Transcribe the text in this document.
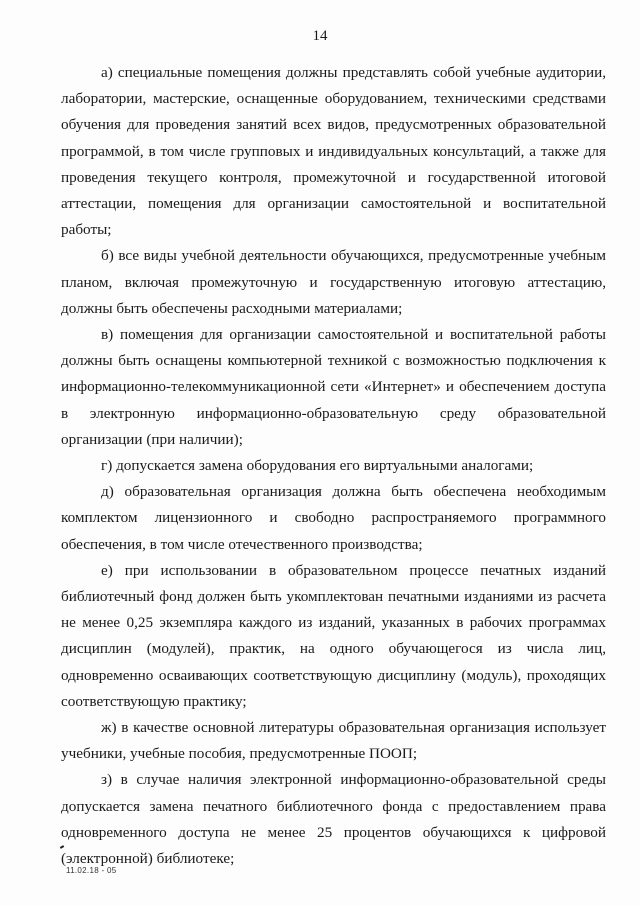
14

а) специальные помещения должны представлять собой учебные аудитории, лаборатории, мастерские, оснащенные оборудованием, техническими средствами обучения для проведения занятий всех видов, предусмотренных образовательной программой, в том числе групповых и индивидуальных консультаций, а также для проведения текущего контроля, промежуточной и государственной итоговой аттестации, помещения для организации самостоятельной и воспитательной работы;

б) все виды учебной деятельности обучающихся, предусмотренные учебным планом, включая промежуточную и государственную итоговую аттестацию, должны быть обеспечены расходными материалами;

в) помещения для организации самостоятельной и воспитательной работы должны быть оснащены компьютерной техникой с возможностью подключения к информационно-телекоммуникационной сети «Интернет» и обеспечением доступа в электронную информационно-образовательную среду образовательной организации (при наличии);

г) допускается замена оборудования его виртуальными аналогами;

д) образовательная организация должна быть обеспечена необходимым комплектом лицензионного и свободно распространяемого программного обеспечения, в том числе отечественного производства;

е) при использовании в образовательном процессе печатных изданий библиотечный фонд должен быть укомплектован печатными изданиями из расчета не менее 0,25 экземпляра каждого из изданий, указанных в рабочих программах дисциплин (модулей), практик, на одного обучающегося из числа лиц, одновременно осваивающих соответствующую дисциплину (модуль), проходящих соответствующую практику;

ж) в качестве основной литературы образовательная организация использует учебники, учебные пособия, предусмотренные ПООП;

з) в случае наличия электронной информационно-образовательной среды допускается замена печатного библиотечного фонда с предоставлением права одновременного доступа не менее 25 процентов обучающихся к цифровой (электронной) библиотеке;

11.02.18 - 05
